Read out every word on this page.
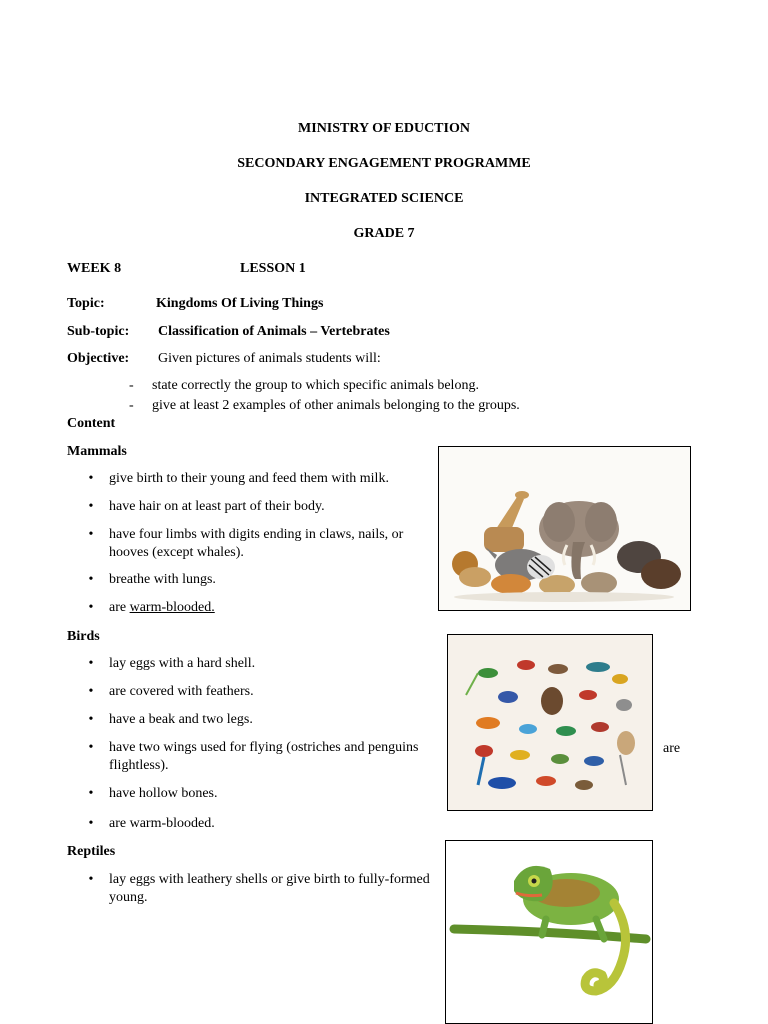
MINISTRY OF EDUCTION
SECONDARY ENGAGEMENT PROGRAMME
INTEGRATED SCIENCE
GRADE 7
WEEK 8	LESSON 1
Topic:	Kingdoms Of Living Things
Sub-topic: Classification of Animals – Vertebrates
Objective: Given pictures of animals students will:
- state correctly the group to which specific animals belong.
- give at least 2 examples of other animals belonging to the groups.
Content
Mammals
• give birth to their young and feed them with milk.
• have hair on at least part of their body.
• have four limbs with digits ending in claws, nails, or
hooves (except whales).
• breathe with lungs.
• are warm-blooded.
Birds
• lay eggs with a hard shell.
• are covered with feathers.
• have a beak and two legs.
• have two wings used for flying (ostriches and penguins	are
flightless).
• have hollow bones.
• are warm-blooded.
Reptiles
• lay eggs with leathery shells or give birth to fully-formed
young.
